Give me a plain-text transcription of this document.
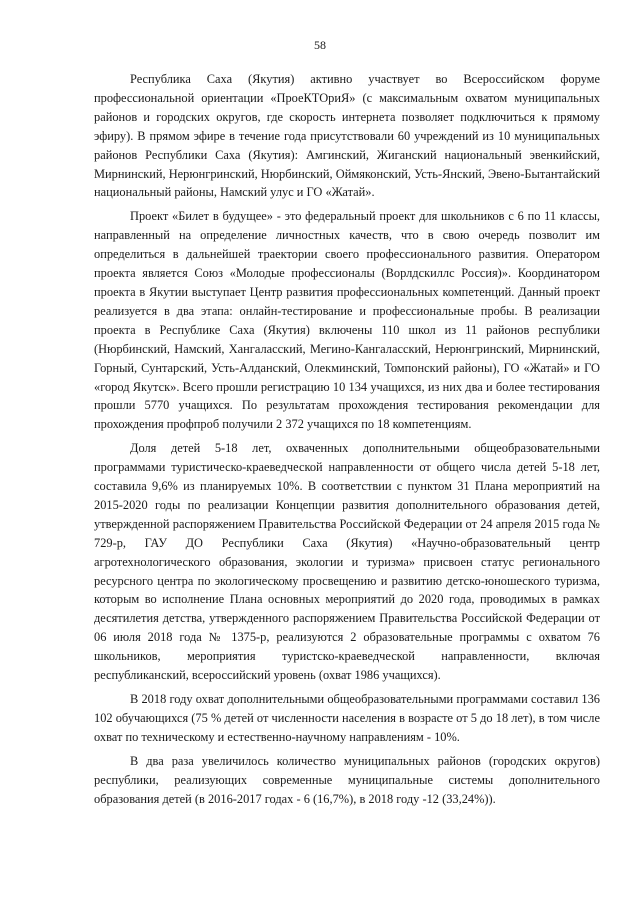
58

Республика Саха (Якутия) активно участвует во Всероссийском форуме профессиональной ориентации «ПроеКТОриЯ» (с максимальным охватом муниципальных районов и городских округов, где скорость интернета позволяет подключиться к прямому эфиру). В прямом эфире в течение года присутствовали 60 учреждений из 10 муниципальных районов Республики Саха (Якутия): Амгинский, Жиганский национальный эвенкийский, Мирнинский, Нерюнгринский, Нюрбинский, Оймяконский, Усть-Янский, Эвено-Бытантайский национальный районы, Намский улус и ГО «Жатай».

Проект «Билет в будущее» - это федеральный проект для школьников с 6 по 11 классы, направленный на определение личностных качеств, что в свою очередь позволит им определиться в дальнейшей траектории своего профессионального развития. Оператором проекта является Союз «Молодые профессионалы (Ворлдскиллс Россия)». Координатором проекта в Якутии выступает Центр развития профессиональных компетенций. Данный проект реализуется в два этапа: онлайн-тестирование и профессиональные пробы. В реализации проекта в Республике Саха (Якутия) включены 110 школ из 11 районов республики (Нюрбинский, Намский, Хангаласский, Мегино-Кангаласский, Нерюнгринский, Мирнинский, Горный, Сунтарский, Усть-Алданский, Олекминский, Томпонский районы), ГО «Жатай» и ГО «город Якутск». Всего прошли регистрацию 10 134 учащихся, из них два и более тестирования прошли 5770 учащихся. По результатам прохождения тестирования рекомендации для прохождения профпроб получили 2 372 учащихся по 18 компетенциям.

Доля детей 5-18 лет, охваченных дополнительными общеобразовательными программами туристическо-краеведческой направленности от общего числа детей 5-18 лет, составила 9,6% из планируемых 10%. В соответствии с пунктом 31 Плана мероприятий на 2015-2020 годы по реализации Концепции развития дополнительного образования детей, утвержденной распоряжением Правительства Российской Федерации от 24 апреля 2015 года № 729-р, ГАУ ДО Республики Саха (Якутия) «Научно-образовательный центр агротехнологического образования, экологии и туризма» присвоен статус регионального ресурсного центра по экологическому просвещению и развитию детско-юношеского туризма, которым во исполнение Плана основных мероприятий до 2020 года, проводимых в рамках десятилетия детства, утвержденного распоряжением Правительства Российской Федерации от 06 июля 2018 года № 1375-р, реализуются 2 образовательные программы с охватом 76 школьников, мероприятия туристско-краеведческой направленности, включая республиканский, всероссийский уровень (охват 1986 учащихся).

В 2018 году охват дополнительными общеобразовательными программами составил 136 102 обучающихся (75 % детей от численности населения в возрасте от 5 до 18 лет), в том числе охват по техническому и естественно-научному направлениям - 10%.

В два раза увеличилось количество муниципальных районов (городских округов) республики, реализующих современные муниципальные системы дополнительного образования детей (в 2016-2017 годах - 6 (16,7%), в 2018 году -12 (33,24%)).
